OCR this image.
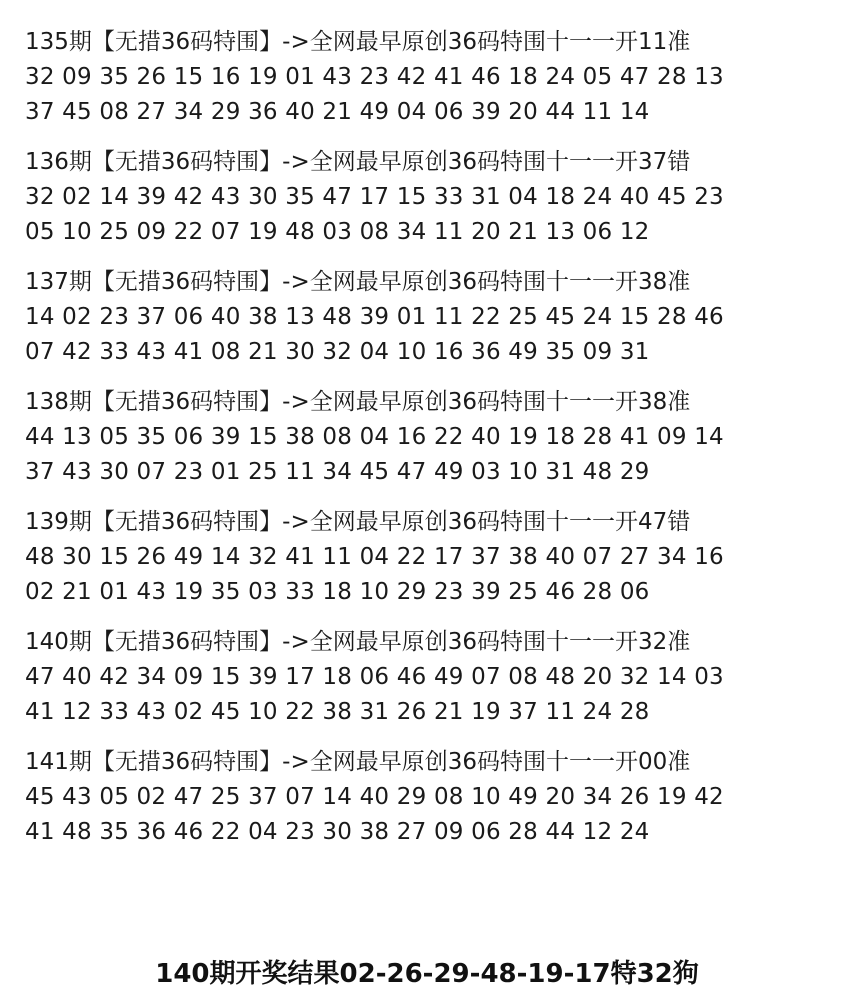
135期【无措36码特围】->全网最早原创36码特围十一一开11准
32 09 35 26 15 16 19 01 43 23 42 41 46 18 24 05 47 28 13
37 45 08 27 34 29 36 40 21 49 04 06 39 20 44 11 14
136期【无措36码特围】->全网最早原创36码特围十一一开37错
32 02 14 39 42 43 30 35 47 17 15 33 31 04 18 24 40 45 23
05 10 25 09 22 07 19 48 03 08 34 11 20 21 13 06 12
137期【无措36码特围】->全网最早原创36码特围十一一开38准
14 02 23 37 06 40 38 13 48 39 01 11 22 25 45 24 15 28 46
07 42 33 43 41 08 21 30 32 04 10 16 36 49 35 09 31
138期【无措36码特围】->全网最早原创36码特围十一一开38准
44 13 05 35 06 39 15 38 08 04 16 22 40 19 18 28 41 09 14
37 43 30 07 23 01 25 11 34 45 47 49 03 10 31 48 29
139期【无措36码特围】->全网最早原创36码特围十一一开47错
48 30 15 26 49 14 32 41 11 04 22 17 37 38 40 07 27 34 16
02 21 01 43 19 35 03 33 18 10 29 23 39 25 46 28 06
140期【无措36码特围】->全网最早原创36码特围十一一开32准
47 40 42 34 09 15 39 17 18 06 46 49 07 08 48 20 32 14 03
41 12 33 43 02 45 10 22 38 31 26 21 19 37 11 24 28
141期【无措36码特围】->全网最早原创36码特围十一一开00准
45 43 05 02 47 25 37 07 14 40 29 08 10 49 20 34 26 19 42
41 48 35 36 46 22 04 23 30 38 27 09 06 28 44 12 24
140期开奖结果02-26-29-48-19-17特32狗
